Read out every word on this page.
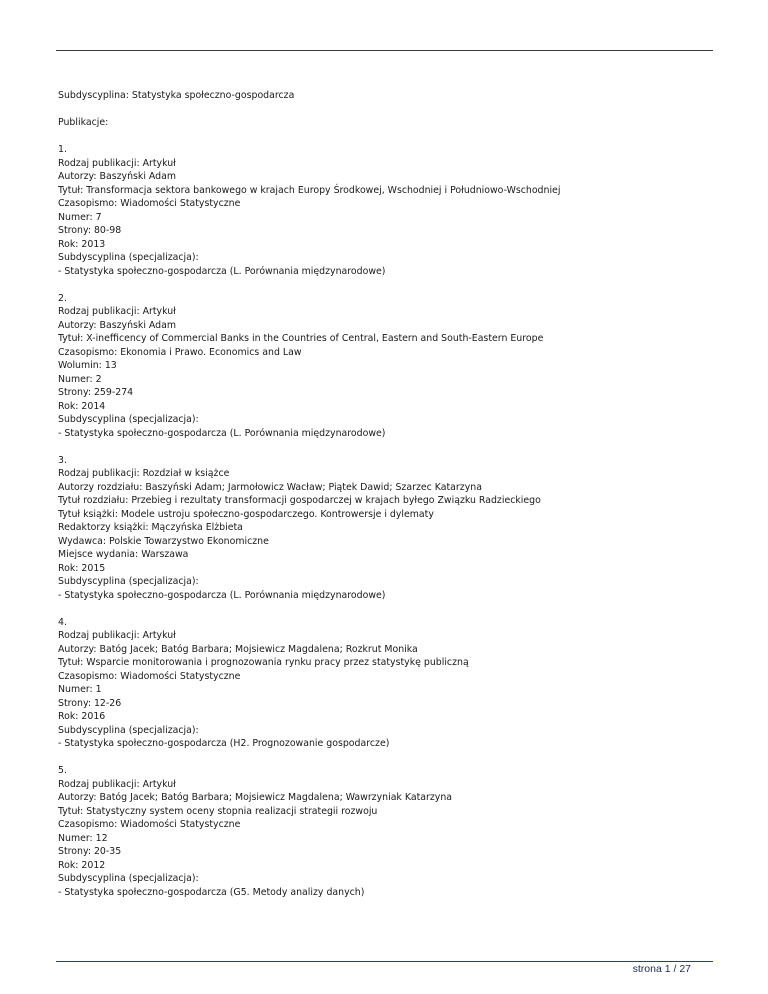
Subdyscyplina: Statystyka społeczno-gospodarcza
Publikacje:
1.
Rodzaj publikacji: Artykuł
Autorzy: Baszyński Adam
Tytuł: Transformacja sektora bankowego w krajach Europy Środkowej, Wschodniej i Południowo-Wschodniej
Czasopismo: Wiadomości Statystyczne
Numer: 7
Strony: 80-98
Rok: 2013
Subdyscyplina (specjalizacja):
- Statystyka społeczno-gospodarcza (L. Porównania międzynarodowe)
2.
Rodzaj publikacji: Artykuł
Autorzy: Baszyński Adam
Tytuł: X-inefficency of Commercial Banks in the Countries of Central, Eastern and South-Eastern Europe
Czasopismo: Ekonomia i Prawo. Economics and Law
Wolumin: 13
Numer: 2
Strony: 259-274
Rok: 2014
Subdyscyplina (specjalizacja):
- Statystyka społeczno-gospodarcza (L. Porównania międzynarodowe)
3.
Rodzaj publikacji: Rozdział w książce
Autorzy rozdziału: Baszyński Adam; Jarmołowicz Wacław; Piątek Dawid; Szarzec Katarzyna
Tytuł rozdziału: Przebieg i rezultaty transformacji gospodarczej w krajach byłego Związku Radzieckiego
Tytuł książki: Modele ustroju społeczno-gospodarczego. Kontrowersje i dylematy
Redaktorzy książki: Mączyńska Elżbieta
Wydawca: Polskie Towarzystwo Ekonomiczne
Miejsce wydania: Warszawa
Rok: 2015
Subdyscyplina (specjalizacja):
- Statystyka społeczno-gospodarcza (L. Porównania międzynarodowe)
4.
Rodzaj publikacji: Artykuł
Autorzy: Batóg Jacek; Batóg Barbara; Mojsiewicz Magdalena; Rozkrut Monika
Tytuł: Wsparcie monitorowania i prognozowania rynku pracy przez statystykę publiczną
Czasopismo: Wiadomości Statystyczne
Numer: 1
Strony: 12-26
Rok: 2016
Subdyscyplina (specjalizacja):
- Statystyka społeczno-gospodarcza (H2. Prognozowanie gospodarcze)
5.
Rodzaj publikacji: Artykuł
Autorzy: Batóg Jacek; Batóg Barbara; Mojsiewicz Magdalena; Wawrzyniak Katarzyna
Tytuł: Statystyczny system oceny stopnia realizacji strategii rozwoju
Czasopismo: Wiadomości Statystyczne
Numer: 12
Strony: 20-35
Rok: 2012
Subdyscyplina (specjalizacja):
- Statystyka społeczno-gospodarcza (G5. Metody analizy danych)
strona 1 / 27
